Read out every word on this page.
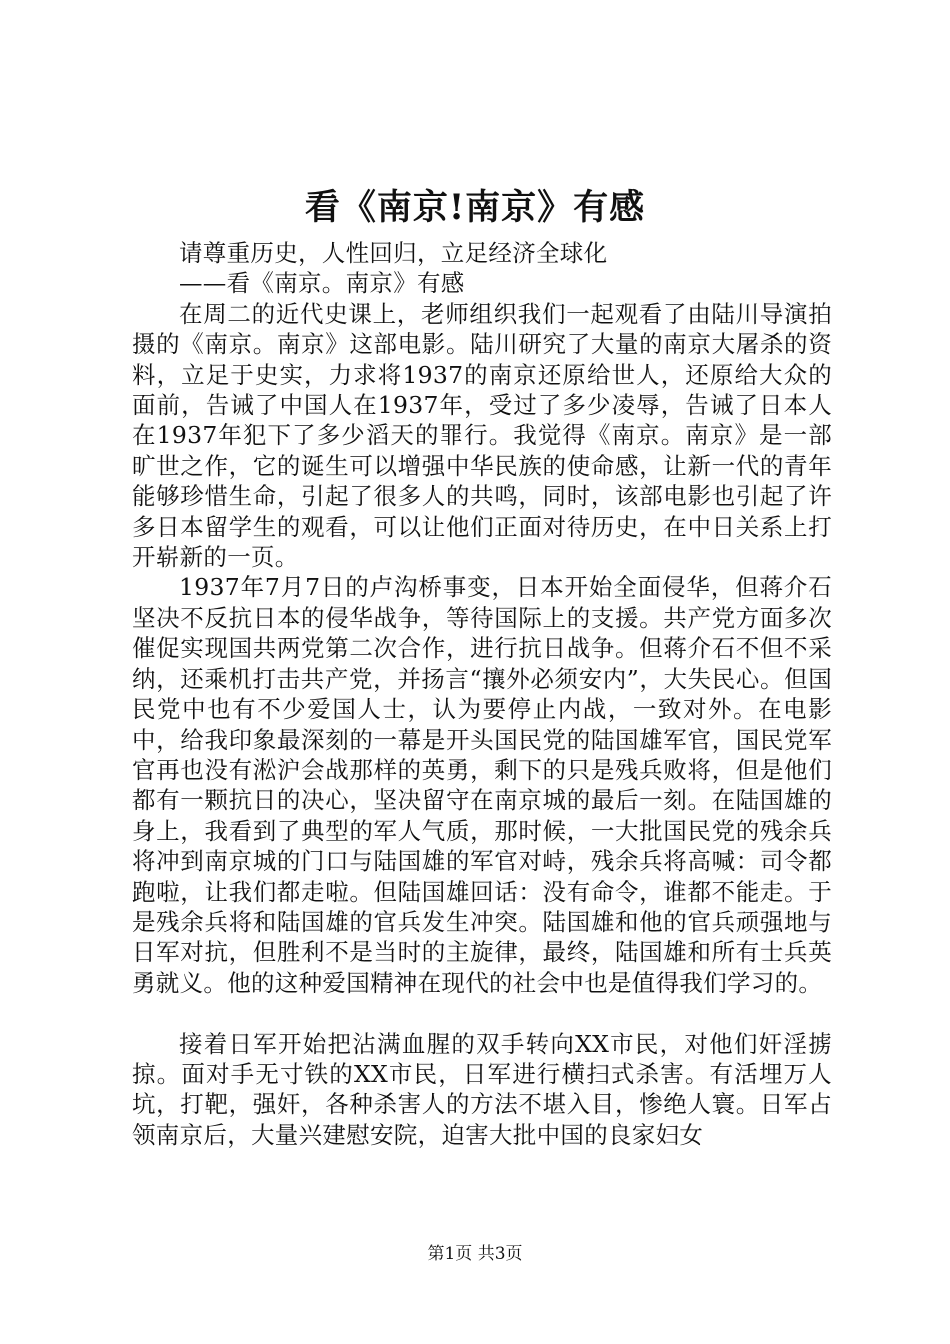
看《南京!南京》有感

请尊重历史，人性回归，立足经济全球化

——看《南京。南京》有感

在周二的近代史课上，老师组织我们一起观看了由陆川导演拍摄的《南京。南京》这部电影。陆川研究了大量的南京大屠杀的资料，立足于史实，力求将1937的南京还原给世人，还原给大众的面前，告诫了中国人在1937年，受过了多少凌辱，告诫了日本人在1937年犯下了多少滔天的罪行。我觉得《南京。南京》是一部旷世之作，它的诞生可以增强中华民族的使命感，让新一代的青年能够珍惜生命，引起了很多人的共鸣，同时，该部电影也引起了许多日本留学生的观看，可以让他们正面对待历史，在中日关系上打开崭新的一页。

1937年7月7日的卢沟桥事变，日本开始全面侵华，但蒋介石坚决不反抗日本的侵华战争，等待国际上的支援。共产党方面多次催促实现国共两党第二次合作，进行抗日战争。但蒋介石不但不采纳，还乘机打击共产党，并扬言“攘外必须安内”，大失民心。但国民党中也有不少爱国人士，认为要停止内战，一致对外。在电影中，给我印象最深刻的一幕是开头国民党的陆国雄军官，国民党军官再也没有淞沪会战那样的英勇，剩下的只是残兵败将，但是他们都有一颗抗日的决心，坚决留守在南京城的最后一刻。在陆国雄的身上，我看到了典型的军人气质，那时候，一大批国民党的残余兵将冲到南京城的门口与陆国雄的军官对峙，残余兵将高喊：司令都跑啦，让我们都走啦。但陆国雄回话：没有命令，谁都不能走。于是残余兵将和陆国雄的官兵发生冲突。陆国雄和他的官兵顽强地与日军对抗，但胜利不是当时的主旋律，最终，陆国雄和所有士兵英勇就义。他的这种爱国精神在现代的社会中也是值得我们学习的。

接着日军开始把沾满血腥的双手转向XX市民，对他们奸淫掳掠。面对手无寸铁的XX市民，日军进行横扫式杀害。有活埋万人坑，打靶，强奸，各种杀害人的方法不堪入目，惨绝人寰。日军占领南京后，大量兴建慰安院，迫害大批中国的良家妇女

第1页 共3页
